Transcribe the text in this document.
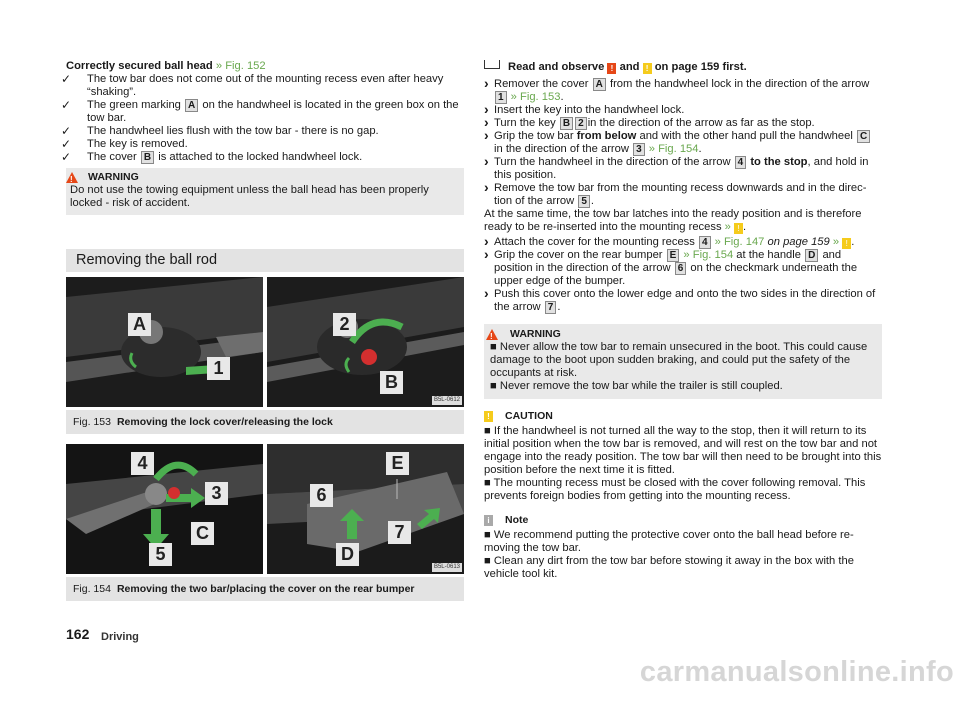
Correctly secured ball head » Fig. 152

✓ The tow bar does not come out of the mounting recess even after heavy “shaking”.

✓ The green marking A on the handwheel is located in the green box on the tow bar.

✓ The handwheel lies flush with the tow bar - there is no gap.

✓ The key is removed.

✓ The cover B is attached to the locked handwheel lock.

! WARNING

Do not use the towing equipment unless the ball head has been properly locked - risk of accident.

Removing the ball rod
A
1
2
B
B5L-0612
Fig. 153 Removing the lock cover/releasing the lock
4
3
C
5
E
6
7
D
B5L-0613
Fig. 154 Removing the two bar/placing the cover on the rear bumper

Read and observe ! and ! on page 159 first.

› Remover the cover A from the handwheel lock in the direction of the arrow 1 » Fig. 153.

› Insert the key into the handwheel lock.

› Turn the key B 2 in the direction of the arrow as far as the stop.

› Grip the tow bar from below and with the other hand pull the handwheel C in the direction of the arrow 3 » Fig. 154.

› Turn the handwheel in the direction of the arrow 4 to the stop, and hold in this position.

› Remove the tow bar from the mounting recess downwards and in the direc- tion of the arrow 5 .

At the same time, the tow bar latches into the ready position and is therefore ready to be re-inserted into the mounting recess » ! .

› Attach the cover for the mounting recess 4 » Fig. 147 on page 159 » ! .

› Grip the cover on the rear bumper E » Fig. 154 at the handle D and position in the direction of the arrow 6 on the checkmark underneath the upper edge of the bumper.

› Push this cover onto the lower edge and onto the two sides in the direction of the arrow 7 .

! WARNING

■ Never allow the tow bar to remain unsecured in the boot. This could cause damage to the boot upon sudden braking, and could put the safety of the occupants at risk.

■ Never remove the tow bar while the trailer is still coupled.

!	CAUTION

■ If the handwheel is not turned all the way to the stop, then it will return to its initial position when the tow bar is removed, and will rest on the tow bar and not engage into the ready position. The tow bar will then need to be brought into this position before the next time it is fitted.

■ The mounting recess must be closed with the cover following removal. This prevents foreign bodies from getting into the mounting recess.

i	Note

■ We recommend putting the protective cover onto the ball head before re- moving the tow bar.

■ Clean any dirt from the tow bar before stowing it away in the box with the vehicle tool kit.

162 Driving
carmanualsonline.info
